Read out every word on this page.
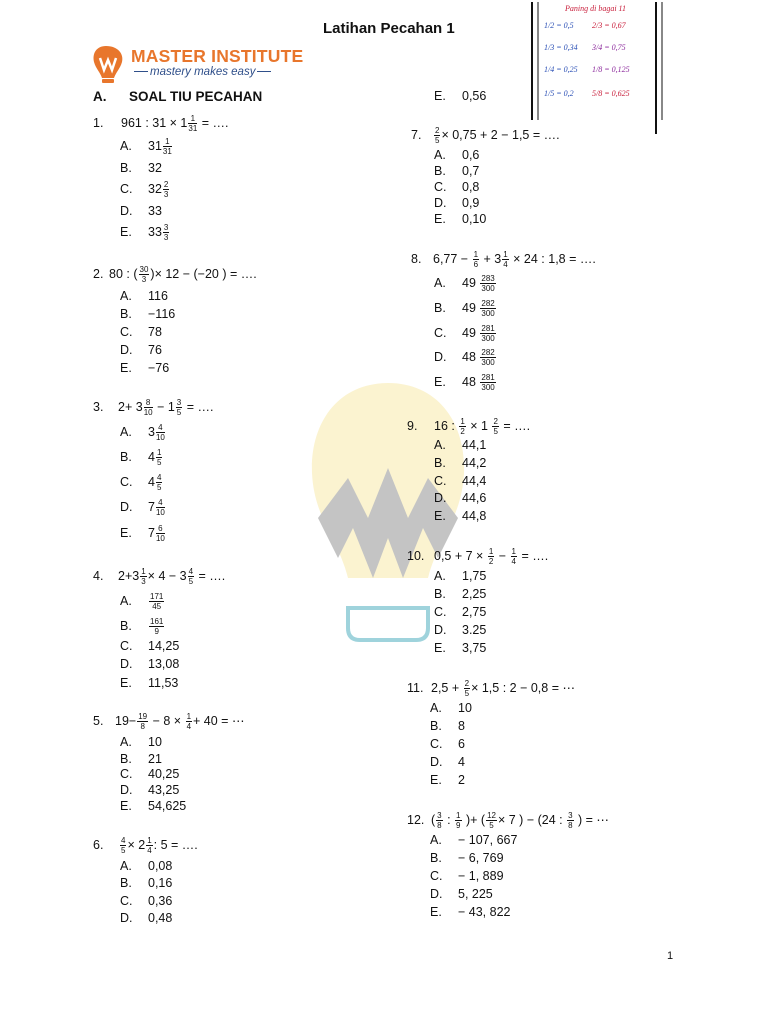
Latihan Pecahan 1
MASTER INSTITUTE
mastery makes easy
A. SOAL TIU PECAHAN
Paning di bagai 11
1/2 = 0,5
1/3 = 0,34
1/4 = 0,25
1/5 = 0,2
2/3 = 0,67
3/4 = 0,75
1/8 = 0,125
5/8 = 0,625
1. 961 : $31 \times 1 \frac{1}{31}$ = ….
A. $31 \frac{1}{31}$
B. 32
C. $32 \frac{2}{3}$
D. 33
E. $33 \frac{3}{3}$
2. 80 : ( $\frac{30}{3}$ )× 12 − (−20 ) = ….
A. 116
B. −116
C. 78
D. 76
E. −76
3. $2+ 3 \frac{8}{10} - 1 \frac{3}{5}$ = ….
A. $3 \frac{4}{10}$
B. $4 \frac{1}{5}$
C. $4 \frac{4}{5}$
D. $7 \frac{4}{10}$
E. $7 \frac{6}{10}$
4. $2+3 \frac{1}{3} \times 4 - 3 \frac{4}{5}$ = ….
A. $\frac{171}{45}$
B. $\frac{161}{9}$
C. 14,25
D. 13,08
E. 11,53
5. $19- \frac{19}{8} - 8 \times \frac{1}{4} + 40$ = ⋯
A. 10
B. 21
C. 40,25
D. 43,25
E. 54,625
6. $\frac{4}{5} \times 2 \frac{1}{4}$ : 5 = ….
A. 0,08
B. 0,16
C. 0,36
D. 0,48
E. 0,56
7. $\frac{2}{5} \times 0,75 + 2 - 1,5$ = ….
A. 0,6
B. 0,7
C. 0,8
D. 0,9
E. 0,10
8. $6,77 - \frac{1}{6} + 3 \frac{1}{4} \times 24$ : 1,8 = ….
A. $49 \frac{283}{300}$
B. $49 \frac{282}{300}$
C. $49 \frac{281}{300}$
D. $48 \frac{282}{300}$
E. $48 \frac{281}{300}$
9. 16 : $\frac{1}{2} \times 1 \frac{2}{5}$ = ….
A. 44,1
B. 44,2
C. 44,4
D. 44,6
E. 44,8
10. $0,5 + 7 \times \frac{1}{2} - \frac{1}{4}$ = ….
A. 1,75
B. 2,25
C. 2,75
D. 3.25
E. 3,75
11. $2,5 + \frac{2}{5} \times 1,5$ : 2 − 0,8 = ⋯
A. 10
B. 8
C. 6
D. 4
E. 2
12. ( $\frac{3}{8}$ : $\frac{1}{9}$ )+ ( $\frac{12}{5} \times 7$ ) − (24 : $\frac{3}{8}$ ) = ⋯
A. − 107, 667
B. − 6, 769
C. − 1, 889
D. 5, 225
E. − 43, 822
1
